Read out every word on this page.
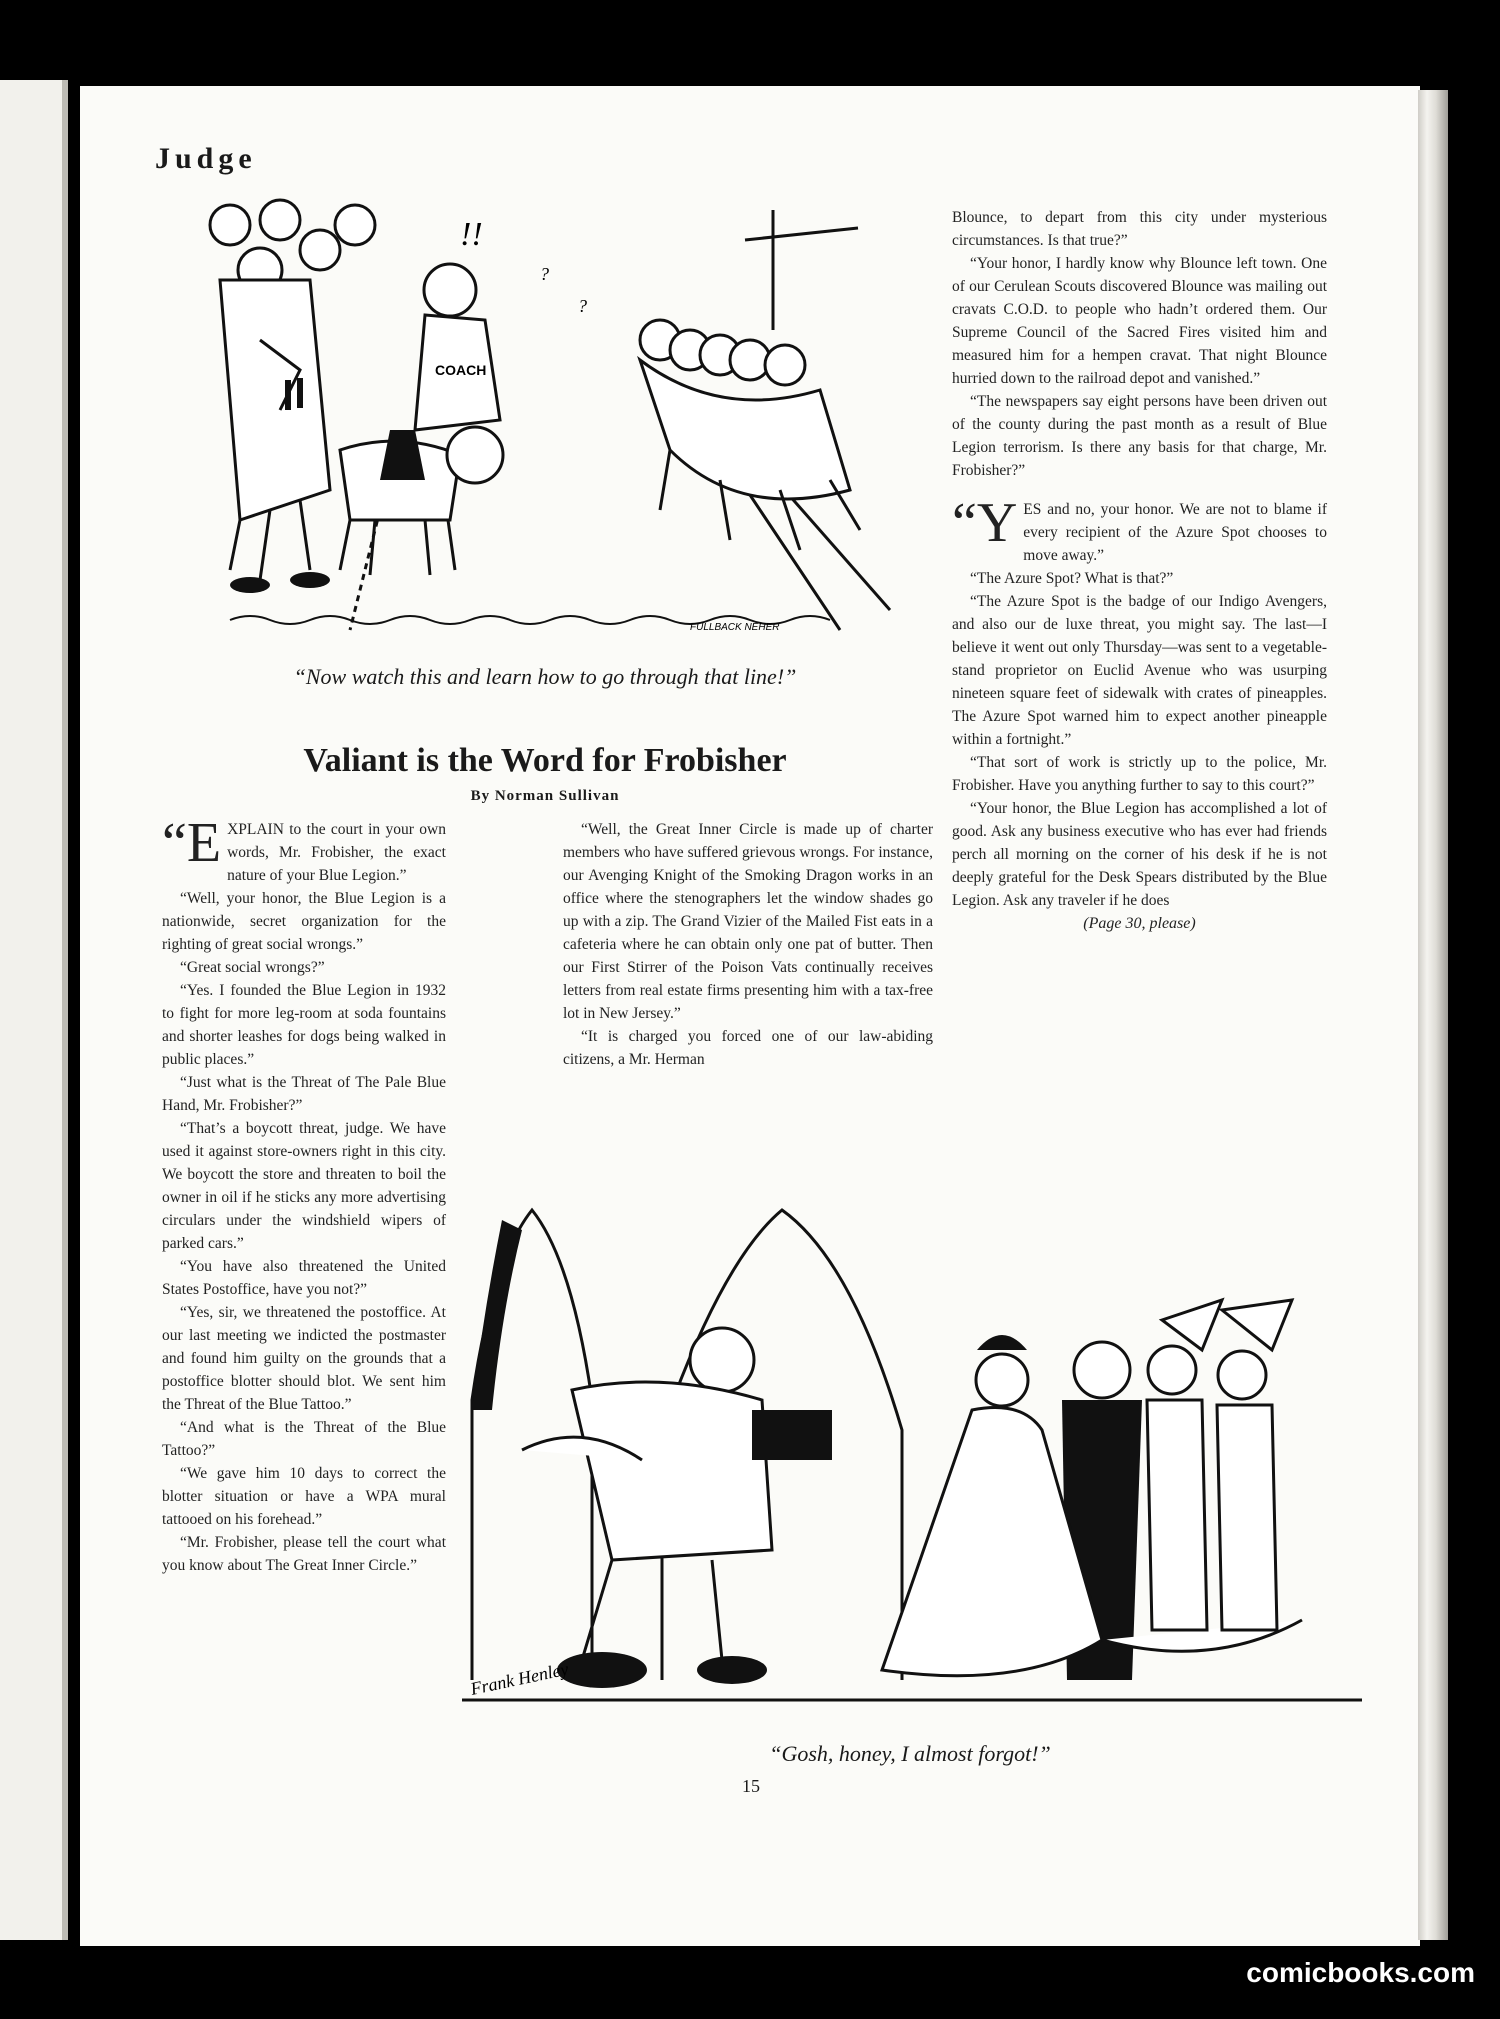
Judge
COACH
!!
?
?
FULLBACK NEHER
“Now watch this and learn how to go through that line!”
Valiant is the Word for Frobisher
By Norman Sullivan

“E XPLAIN to the court in your own words, Mr. Frobisher, the exact nature of your Blue Legion.”

“Well, your honor, the Blue Legion is a nationwide, secret organization for the righting of great social wrongs.”

“Great social wrongs?”

“Yes. I founded the Blue Legion in 1932 to fight for more leg-room at soda fountains and shorter leashes for dogs being walked in public places.”

“Just what is the Threat of The Pale Blue Hand, Mr. Frobisher?”

“That’s a boycott threat, judge. We have used it against store-owners right in this city. We boycott the store and threaten to boil the owner in oil if he sticks any more advertising circulars under the windshield wipers of parked cars.”

“You have also threatened the United States Postoffice, have you not?”

“Yes, sir, we threatened the postoffice. At our last meeting we indicted the postmaster and found him guilty on the grounds that a postoffice blotter should blot. We sent him the Threat of the Blue Tattoo.”

“And what is the Threat of the Blue Tattoo?”

“We gave him 10 days to correct the blotter situation or have a WPA mural tattooed on his forehead.”

“Mr. Frobisher, please tell the court what you know about The Great Inner Circle.”

“Well, the Great Inner Circle is made up of charter members who have suffered grievous wrongs. For instance, our Avenging Knight of the Smoking Dragon works in an office where the stenographers let the window shades go up with a zip. The Grand Vizier of the Mailed Fist eats in a cafeteria where he can obtain only one pat of butter. Then our First Stirrer of the Poison Vats continually receives letters from real estate firms presenting him with a tax-free lot in New Jersey.”

“It is charged you forced one of our law-abiding citizens, a Mr. Herman

Blounce, to depart from this city under mysterious circumstances. Is that true?”

“Your honor, I hardly know why Blounce left town. One of our Cerulean Scouts discovered Blounce was mailing out cravats C.O.D. to people who hadn’t ordered them. Our Supreme Council of the Sacred Fires visited him and measured him for a hempen cravat. That night Blounce hurried down to the railroad depot and vanished.”

“The newspapers say eight persons have been driven out of the county during the past month as a result of Blue Legion terrorism. Is there any basis for that charge, Mr. Frobisher?”

“Y ES and no, your honor. We are not to blame if every recipient of the Azure Spot chooses to move away.”

“The Azure Spot? What is that?”

“The Azure Spot is the badge of our Indigo Avengers, and also our de luxe threat, you might say. The last—I believe it went out only Thursday—was sent to a vegetable-stand proprietor on Euclid Avenue who was usurping nineteen square feet of sidewalk with crates of pineapples. The Azure Spot warned him to expect another pineapple within a fortnight.”

“That sort of work is strictly up to the police, Mr. Frobisher. Have you anything further to say to this court?”

“Your honor, the Blue Legion has accomplished a lot of good. Ask any business executive who has ever had friends perch all morning on the corner of his desk if he is not deeply grateful for the Desk Spears distributed by the Blue Legion. Ask any traveler if he does

(Page 30, please)
Frank Henley
“Gosh, honey, I almost forgot!”
15
comicbooks.com
